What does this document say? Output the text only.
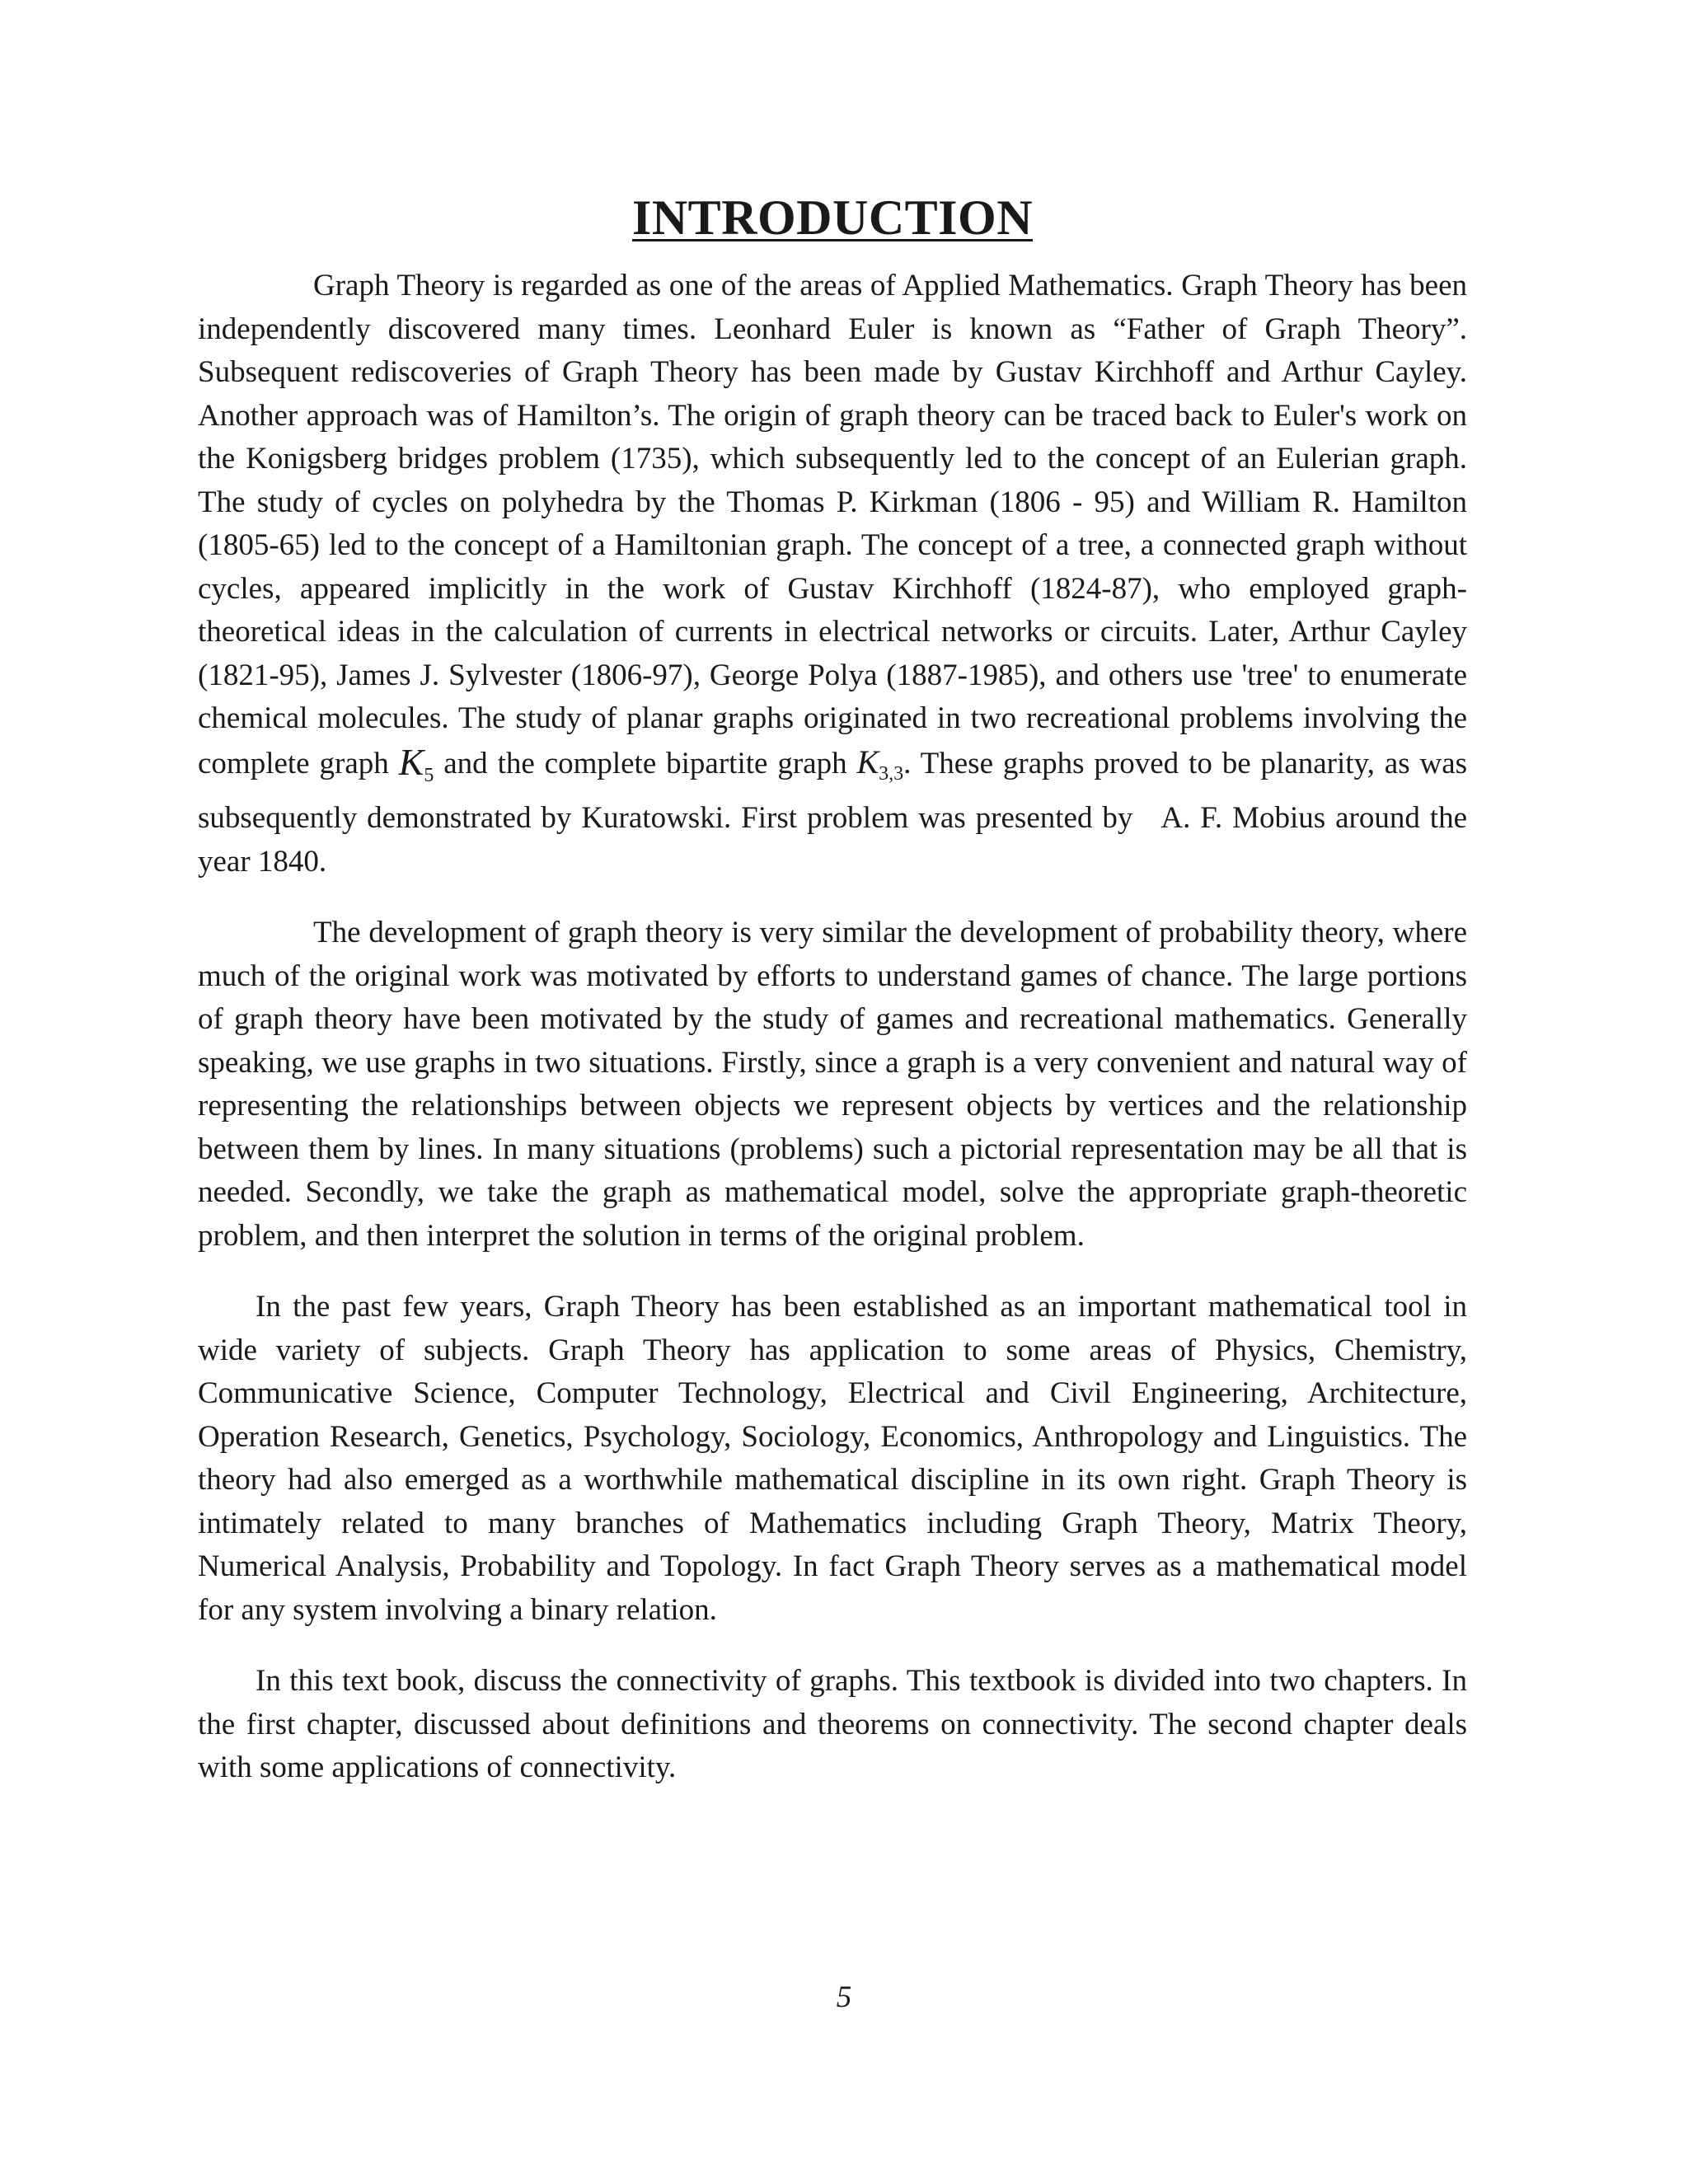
INTRODUCTION

Graph Theory is regarded as one of the areas of Applied Mathematics. Graph Theory has been independently discovered many times. Leonhard Euler is known as “Father of Graph Theory”. Subsequent rediscoveries of Graph Theory has been made by Gustav Kirchhoff and Arthur Cayley. Another approach was of Hamilton’s. The origin of graph theory can be traced back to Euler's work on the Konigsberg bridges problem (1735), which subsequently led to the concept of an Eulerian graph. The study of cycles on polyhedra by the Thomas P. Kirkman (1806 - 95) and William R. Hamilton (1805-65) led to the concept of a Hamiltonian graph. The concept of a tree, a connected graph without cycles, appeared implicitly in the work of Gustav Kirchhoff (1824-87), who employed graph-theoretical ideas in the calculation of currents in electrical networks or circuits. Later, Arthur Cayley (1821-95), James J. Sylvester (1806-97), George Polya (1887-1985), and others use 'tree' to enumerate chemical molecules. The study of planar graphs originated in two recreational problems involving the complete graph $K_5$ and the complete bipartite graph $K_{3,3}$. These graphs proved to be planarity, as was subsequently demonstrated by Kuratowski. First problem was presented by A. F. Mobius around the year 1840.

The development of graph theory is very similar the development of probability theory, where much of the original work was motivated by efforts to understand games of chance. The large portions of graph theory have been motivated by the study of games and recreational mathematics. Generally speaking, we use graphs in two situations. Firstly, since a graph is a very convenient and natural way of representing the relationships between objects we represent objects by vertices and the relationship between them by lines. In many situations (problems) such a pictorial representation may be all that is needed. Secondly, we take the graph as mathematical model, solve the appropriate graph-theoretic problem, and then interpret the solution in terms of the original problem.

In the past few years, Graph Theory has been established as an important mathematical tool in wide variety of subjects. Graph Theory has application to some areas of Physics, Chemistry, Communicative Science, Computer Technology, Electrical and Civil Engineering, Architecture, Operation Research, Genetics, Psychology, Sociology, Economics, Anthropology and Linguistics. The theory had also emerged as a worthwhile mathematical discipline in its own right. Graph Theory is intimately related to many branches of Mathematics including Graph Theory, Matrix Theory, Numerical Analysis, Probability and Topology. In fact Graph Theory serves as a mathematical model for any system involving a binary relation.

In this text book, discuss the connectivity of graphs. This textbook is divided into two chapters. In the first chapter, discussed about definitions and theorems on connectivity. The second chapter deals with some applications of connectivity.

5
